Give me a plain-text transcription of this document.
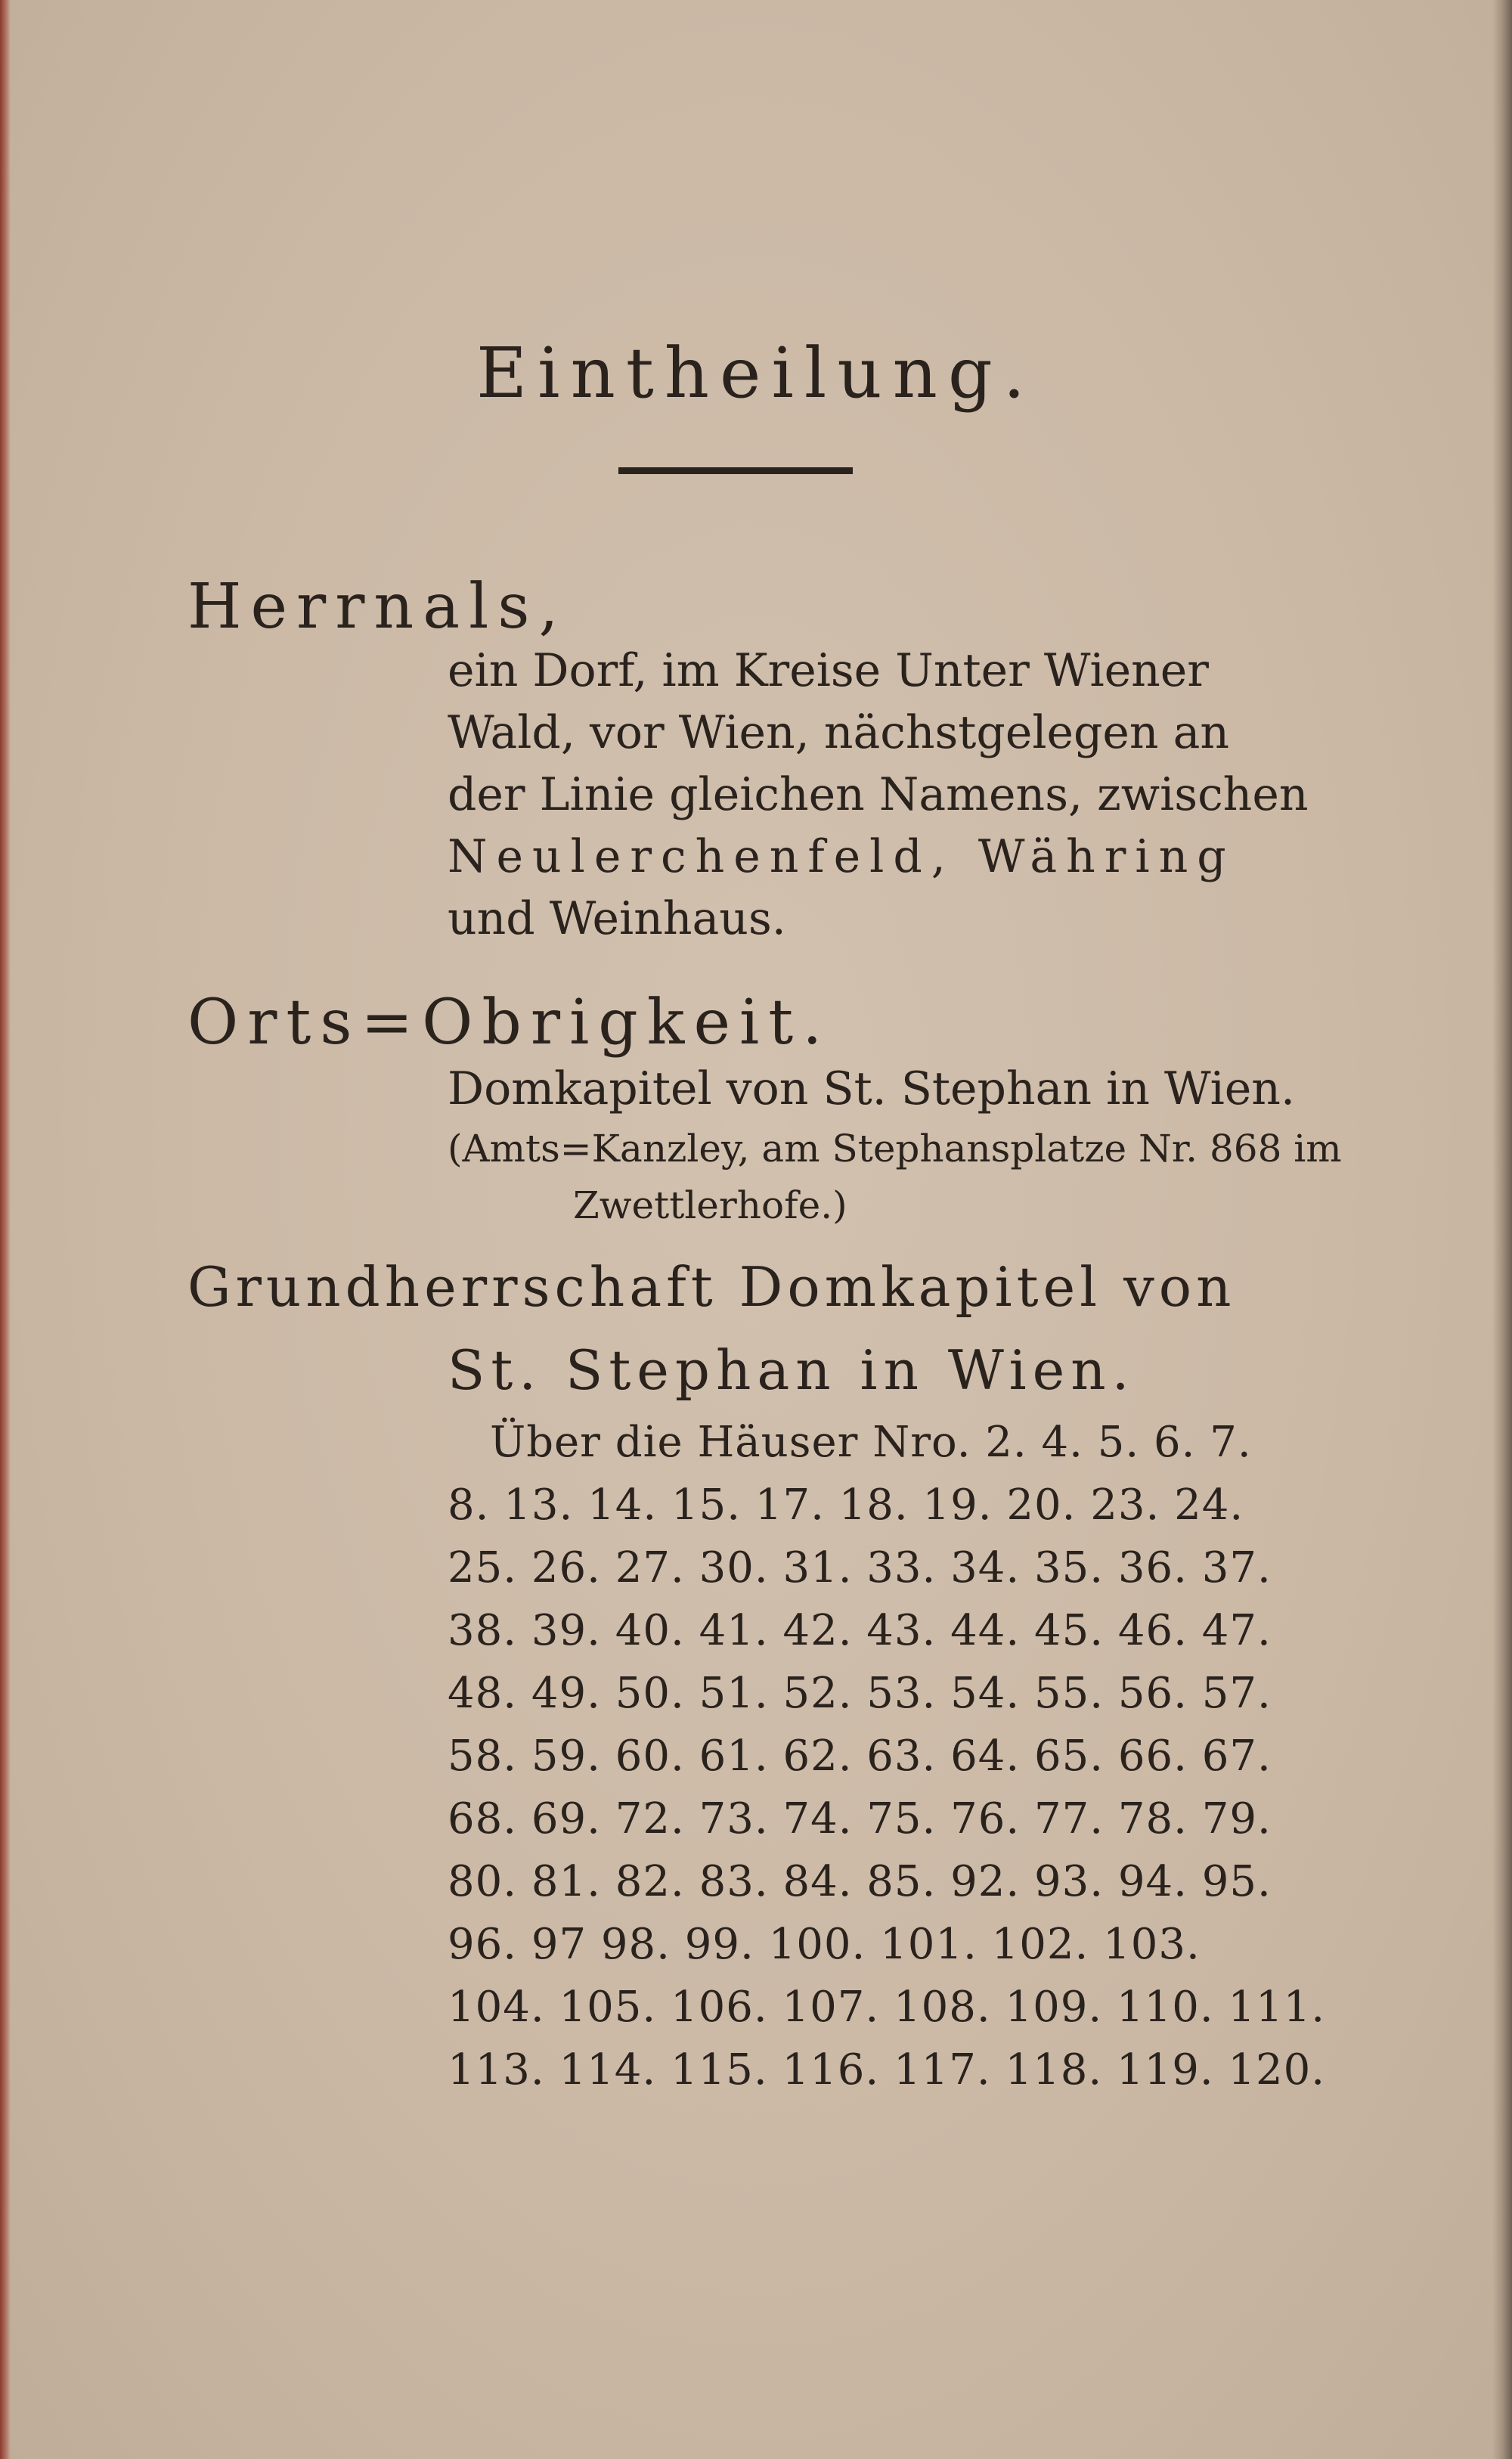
Eintheilung.
Herrnals,
ein Dorf, im Kreise Unter Wiener
Wald, vor Wien, nächstgelegen an
der Linie gleichen Namens, zwischen
Neulerchenfeld, Währing
und Weinhaus.
Orts=Obrigkeit.
Domkapitel von St. Stephan in Wien.
(Amts=Kanzley, am Stephansplatze Nr. 868 im
Zwettlerhofe.)
Grundherrschaft Domkapitel von
St. Stephan in Wien.
Über die Häuser Nro. 2. 4. 5. 6. 7.
8. 13. 14. 15. 17. 18. 19. 20. 23. 24.
25. 26. 27. 30. 31. 33. 34. 35. 36. 37.
38. 39. 40. 41. 42. 43. 44. 45. 46. 47.
48. 49. 50. 51. 52. 53. 54. 55. 56. 57.
58. 59. 60. 61. 62. 63. 64. 65. 66. 67.
68. 69. 72. 73. 74. 75. 76. 77. 78. 79.
80. 81. 82. 83. 84. 85. 92. 93. 94. 95.
96. 97 98. 99. 100. 101. 102. 103.
104. 105. 106. 107. 108. 109. 110. 111.
113. 114. 115. 116. 117. 118. 119. 120.
